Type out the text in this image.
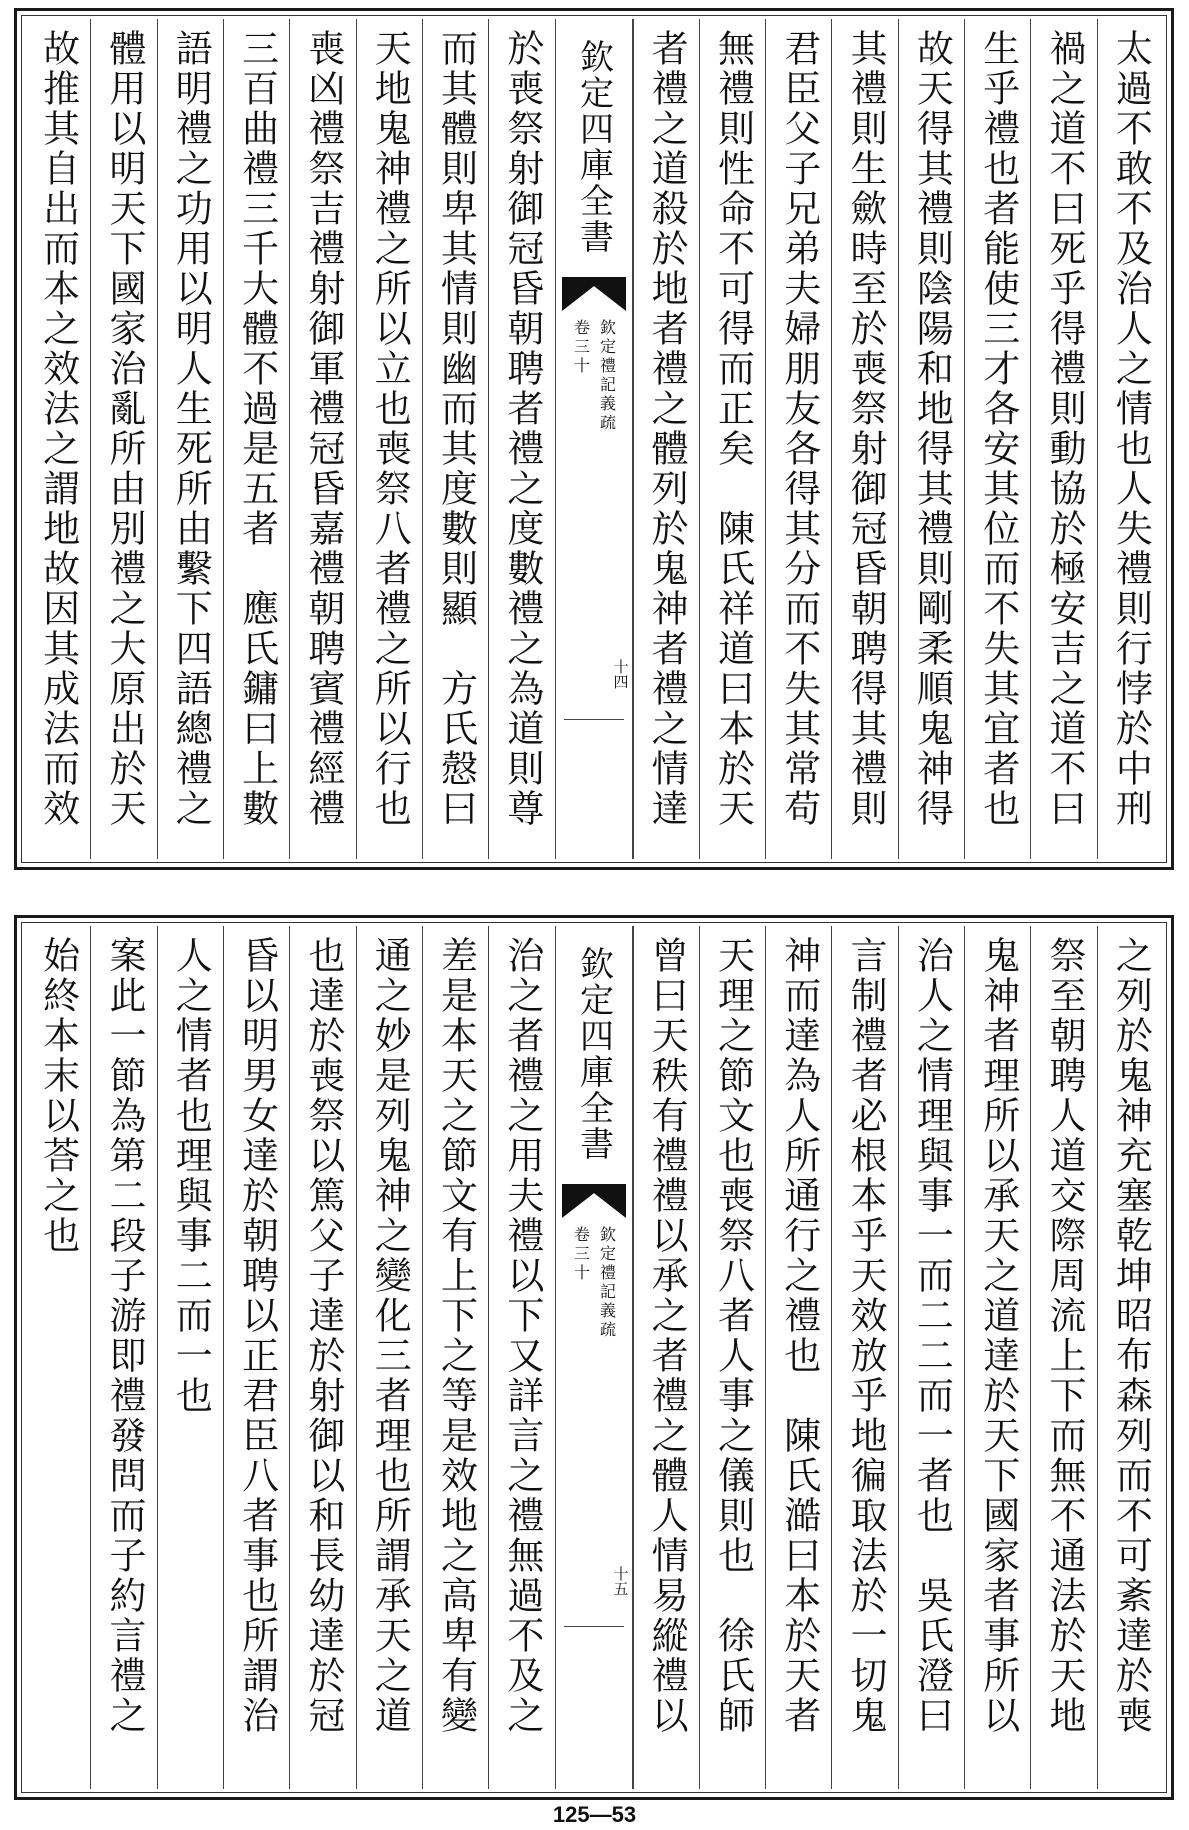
太過不敢不及治人之情也人失禮則行悖於中刑
禍之道不曰死乎得禮則動協於極安吉之道不曰
生乎禮也者能使三才各安其位而不失其宜者也
故天得其禮則陰陽和地得其禮則剛柔順鬼神得
其禮則生歛時至於喪祭射御冠昏朝聘得其禮則
君臣父子兄弟夫婦朋友各得其分而不失其常苟
無禮則性命不可得而正矣　陳氏祥道曰本於天
者禮之道殺於地者禮之體列於鬼神者禮之情達
欽定四庫全書
欽定禮記義疏
卷三十
十四
於喪祭射御冠昏朝聘者禮之度數禮之為道則尊
而其體則卑其情則幽而其度數則顯　方氏慤曰
天地鬼神禮之所以立也喪祭八者禮之所以行也
喪凶禮祭吉禮射御軍禮冠昏嘉禮朝聘賓禮經禮
三百曲禮三千大體不過是五者　應氏鏞曰上數
語明禮之功用以明人生死所由繫下四語總禮之
體用以明天下國家治亂所由別禮之大原出於天
故推其自出而本之效法之謂地故因其成法而效
之列於鬼神充塞乾坤昭布森列而不可紊達於喪
祭至朝聘人道交際周流上下而無不通法於天地
鬼神者理所以承天之道達於天下國家者事所以
治人之情理與事一而二二而一者也　吳氏澄曰
言制禮者必根本乎天效放乎地徧取法於一切鬼
神而達為人所通行之禮也　陳氏澔曰本於天者
天理之節文也喪祭八者人事之儀則也　徐氏師
曾曰天秩有禮禮以承之者禮之體人情易縱禮以
欽定四庫全書
欽定禮記義疏
卷三十
十五
治之者禮之用夫禮以下又詳言之禮無過不及之
差是本天之節文有上下之等是效地之高卑有變
通之妙是列鬼神之變化三者理也所謂承天之道
也達於喪祭以篤父子達於射御以和長幼達於冠
昏以明男女達於朝聘以正君臣八者事也所謂治
人之情者也理與事二而一也
案此一節為第二段子游即禮發問而子約言禮之
始終本末以荅之也
125—53
